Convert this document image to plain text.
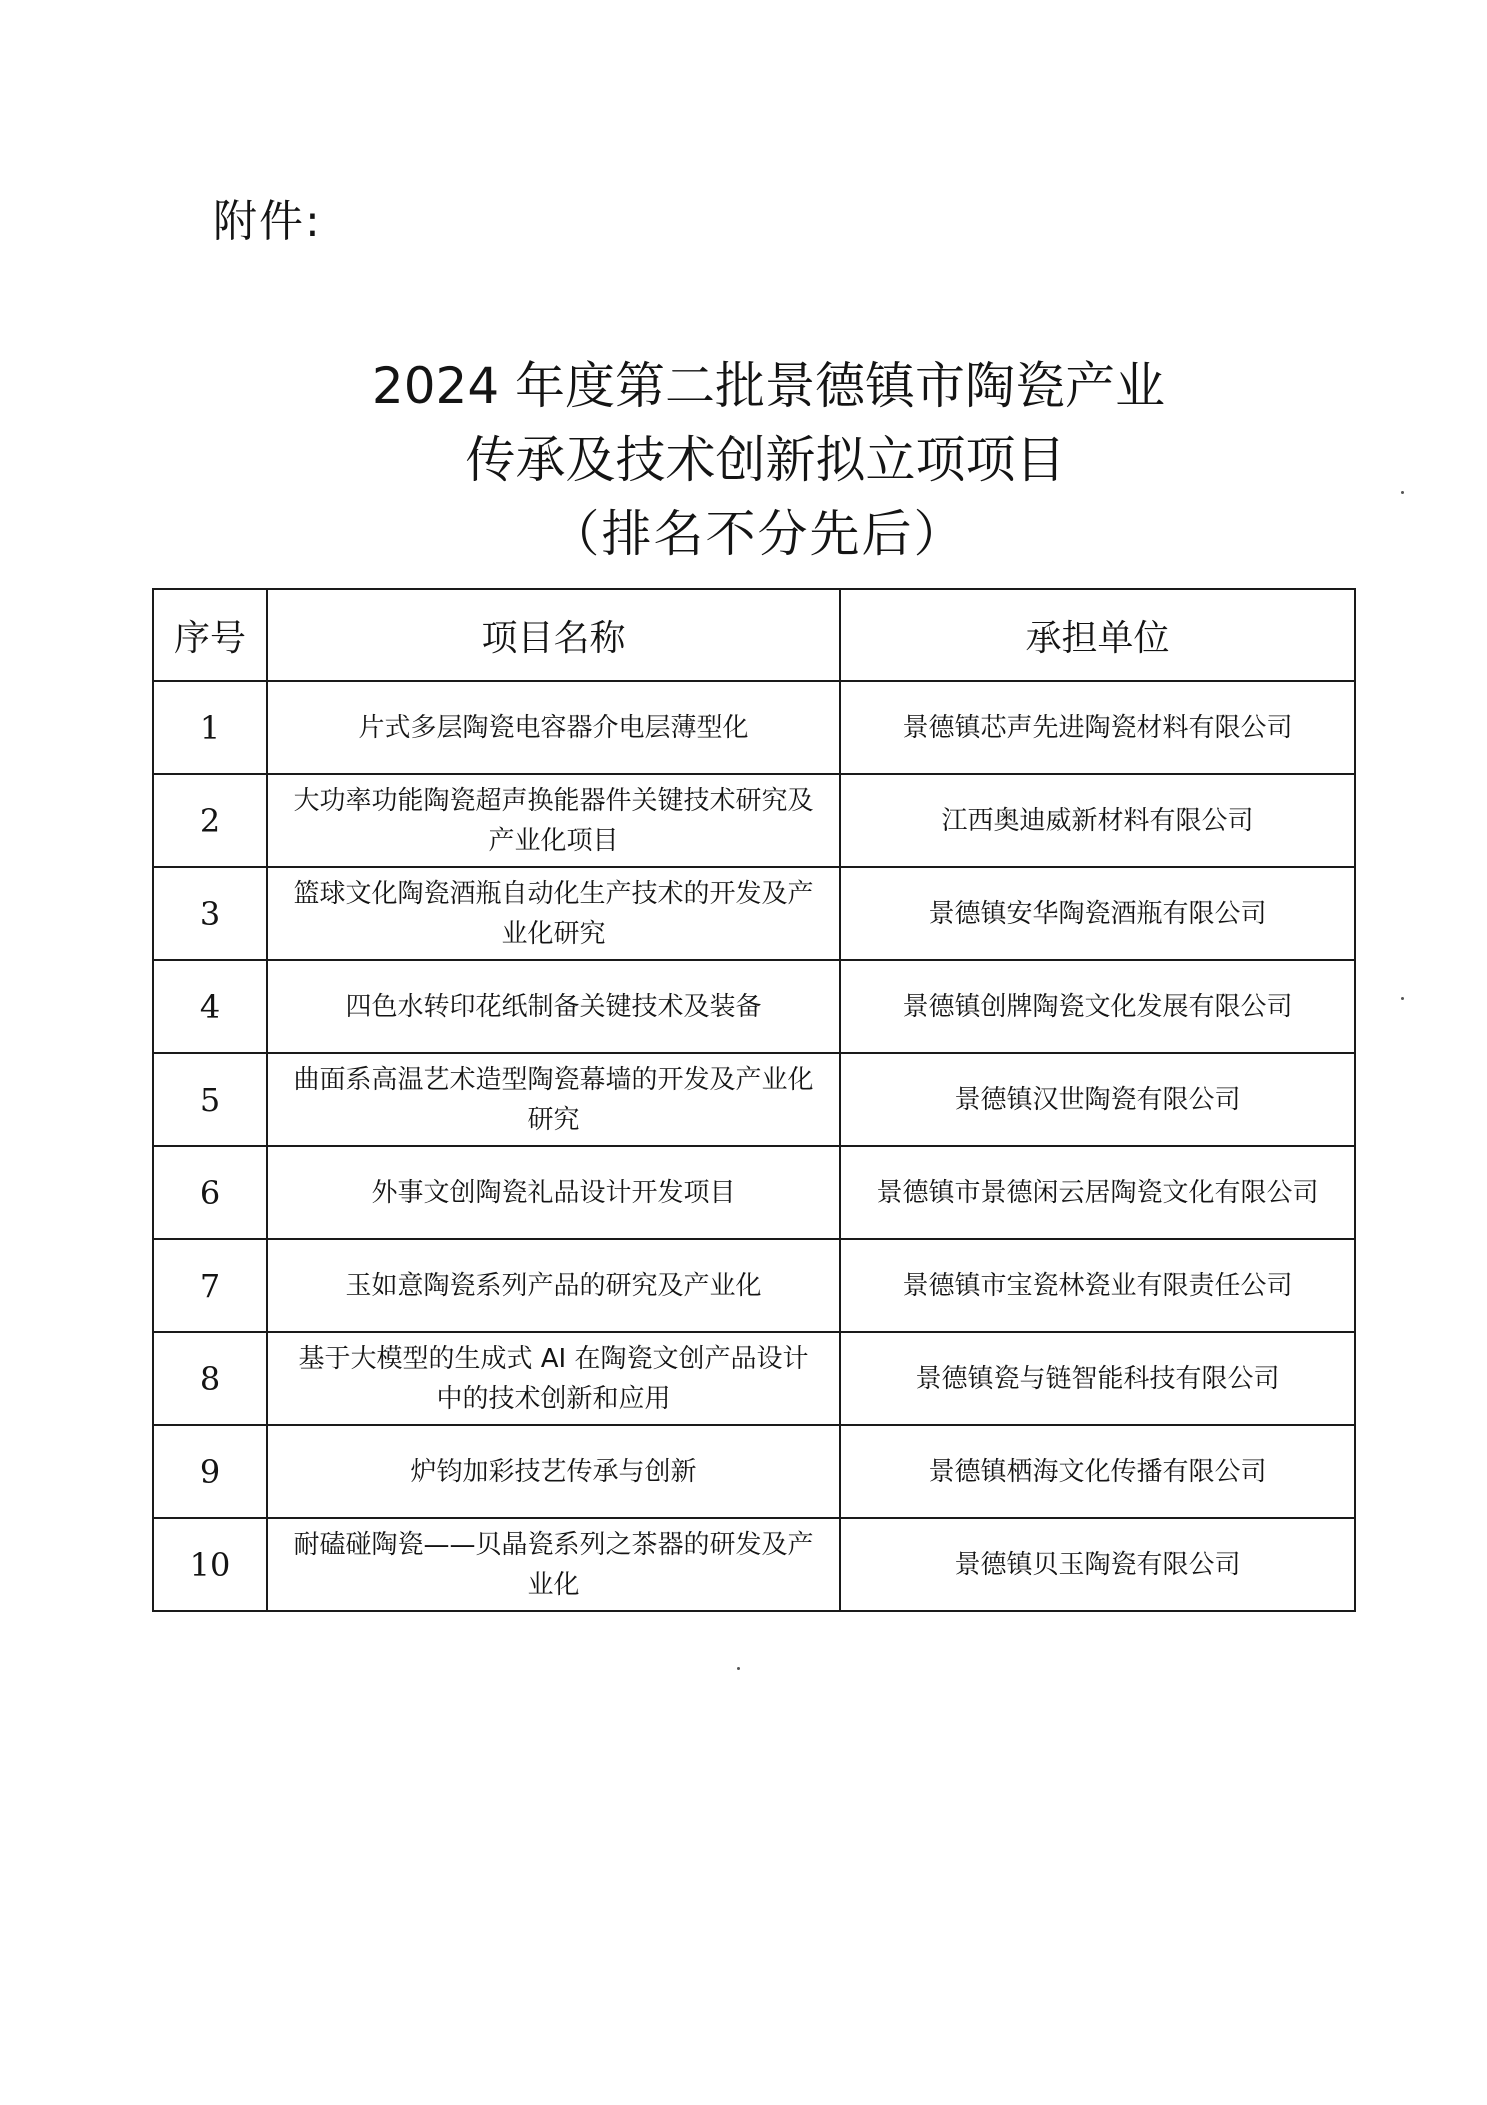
附件:
2024 年度第二批景德镇市陶瓷产业
传承及技术创新拟立项项目
（排名不分先后）
序号	项目名称	承担单位
1	片式多层陶瓷电容器介电层薄型化	景德镇芯声先进陶瓷材料有限公司
2	大功率功能陶瓷超声换能器件关键技术研究及产业化项目	江西奥迪威新材料有限公司
3	篮球文化陶瓷酒瓶自动化生产技术的开发及产业化研究	景德镇安华陶瓷酒瓶有限公司
4	四色水转印花纸制备关键技术及装备	景德镇创牌陶瓷文化发展有限公司
5	曲面系高温艺术造型陶瓷幕墙的开发及产业化研究	景德镇汉世陶瓷有限公司
6	外事文创陶瓷礼品设计开发项目	景德镇市景德闲云居陶瓷文化有限公司
7	玉如意陶瓷系列产品的研究及产业化	景德镇市宝瓷林瓷业有限责任公司
8	基于大模型的生成式 AI 在陶瓷文创产品设计中的技术创新和应用	景德镇瓷与链智能科技有限公司
9	炉钧加彩技艺传承与创新	景德镇栖海文化传播有限公司
10	耐磕碰陶瓷——贝晶瓷系列之茶器的研发及产业化	景德镇贝玉陶瓷有限公司
